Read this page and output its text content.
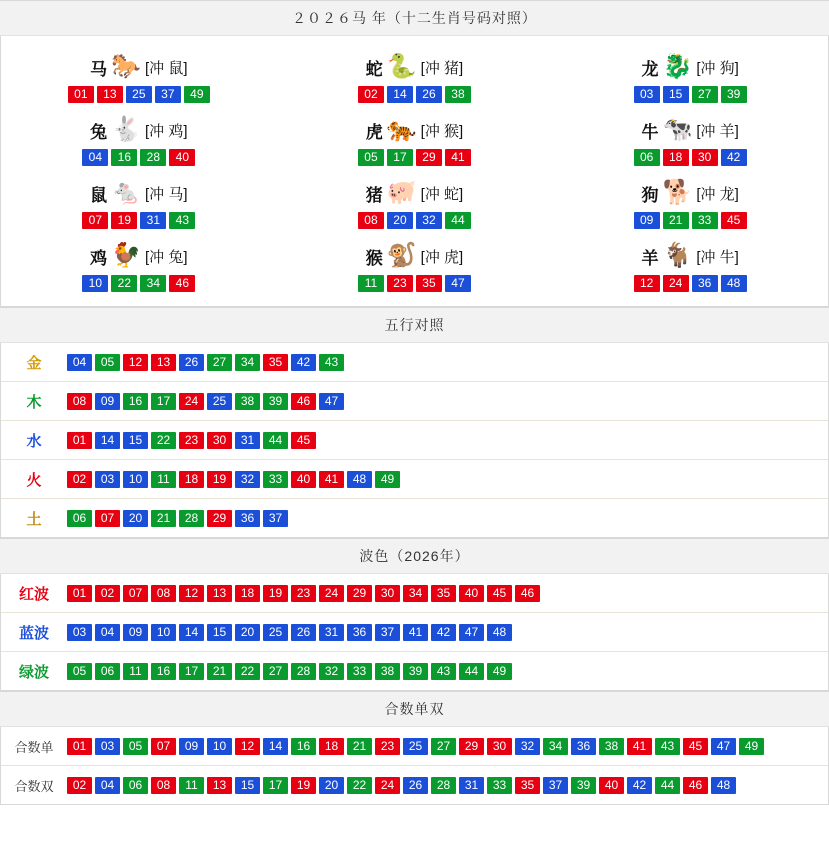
２０２６马 年（十二生肖号码对照）
马 🐎 [冲 鼠]
01	13	25	37	49
蛇 🐍 [冲 猪]
02	14	26	38
龙 🐉 [冲 狗]
03	15	27	39
兔 🐇 [冲 鸡]
04	16	28	40
虎 🐅 [冲 猴]
05	17	29	41
牛 🐄 [冲 羊]
06	18	30	42
鼠 🐁 [冲 马]
07	19	31	43
猪 🐖 [冲 蛇]
08	20	32	44
狗 🐕 [冲 龙]
09	21	33	45
鸡 🐓 [冲 兔]
10	22	34	46
猴 🐒 [冲 虎]
11	23	35	47
羊 🐐 [冲 牛]
12	24	36	48
五行对照
金	04	05	12	13	26	27	34	35	42	43
木	08	09	16	17	24	25	38	39	46	47
水	01	14	15	22	23	30	31	44	45
火	02	03	10	11	18	19	32	33	40	41	48	49
土	06	07	20	21	28	29	36	37
波色（2026年）
红波	01	02	07	08	12	13	18	19	23	24	29	30	34	35	40	45	46
蓝波	03	04	09	10	14	15	20	25	26	31	36	37	41	42	47	48
绿波	05	06	11	16	17	21	22	27	28	32	33	38	39	43	44	49
合数单双
合数单	01	03	05	07	09	10	12	14	16	18	21	23	25	27	29	30	32	34	36	38	41	43	45	47	49
合数双	02	04	06	08	11	13	15	17	19	20	22	24	26	28	31	33	35	37	39	40	42	44	46	48
